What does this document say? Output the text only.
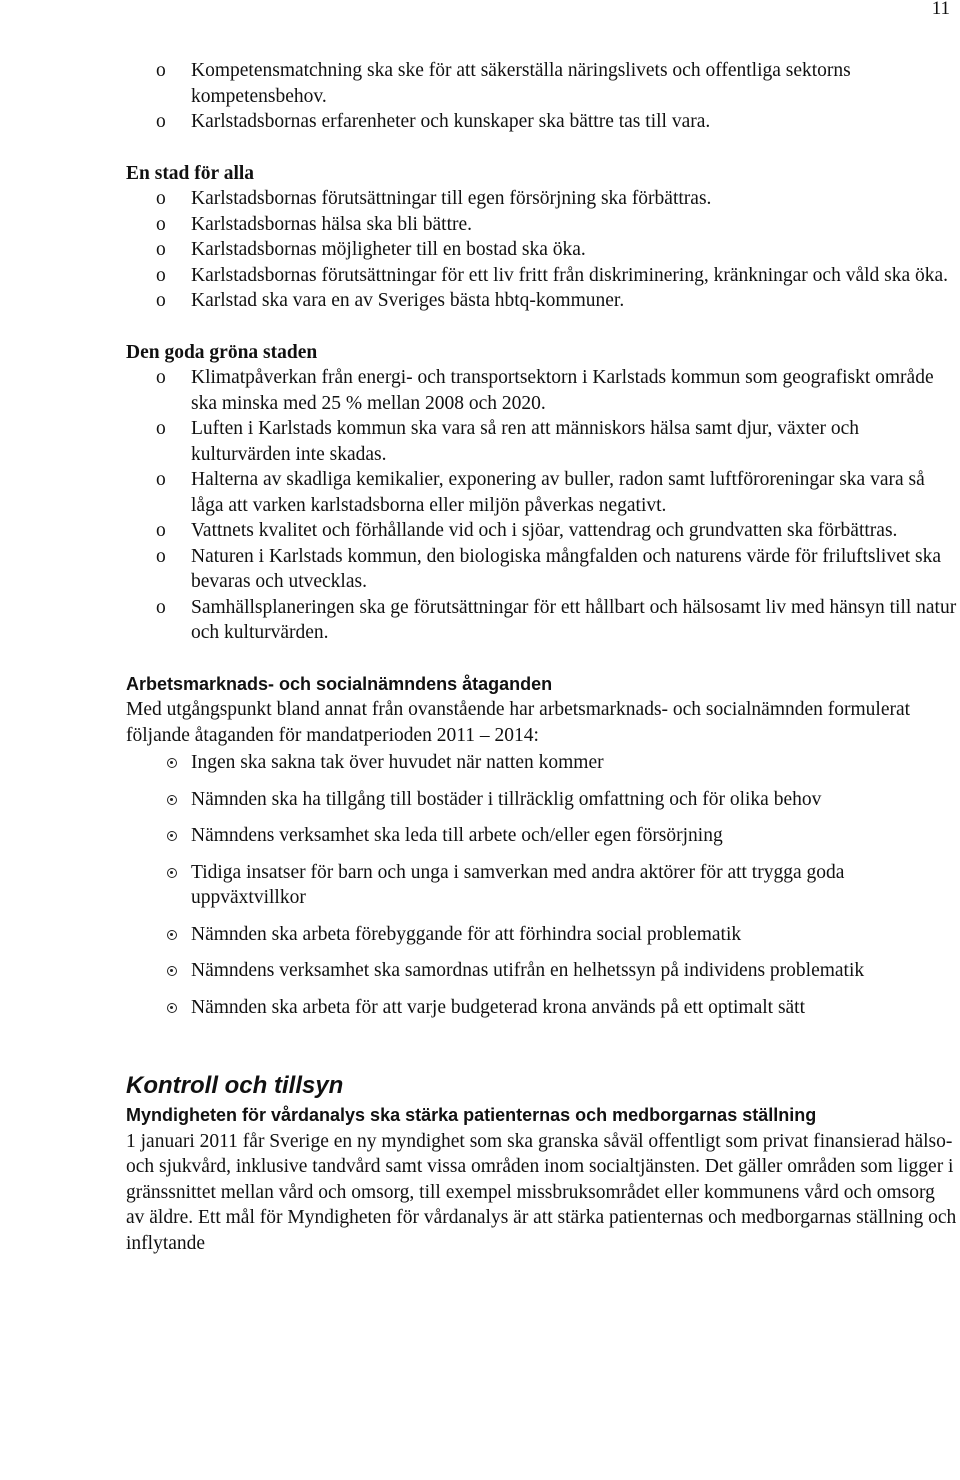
11
o Kompetensmatchning ska ske för att säkerställa näringslivets och offentliga sektorns kompetensbehov.
o Karlstadsbornas erfarenheter och kunskaper ska bättre tas till vara.
En stad för alla
o Karlstadsbornas förutsättningar till egen försörjning ska förbättras.
o Karlstadsbornas hälsa ska bli bättre.
o Karlstadsbornas möjligheter till en bostad ska öka.
o Karlstadsbornas förutsättningar för ett liv fritt från diskriminering, kränkningar och våld ska öka.
o Karlstad ska vara en av Sveriges bästa hbtq-kommuner.
Den goda gröna staden
o Klimatpåverkan från energi- och transportsektorn i Karlstads kommun som geografiskt område ska minska med 25 % mellan 2008 och 2020.
o Luften i Karlstads kommun ska vara så ren att människors hälsa samt djur, växter och kulturvärden inte skadas.
o Halterna av skadliga kemikalier, exponering av buller, radon samt luftföroreningar ska vara så låga att varken karlstadsborna eller miljön påverkas negativt.
o Vattnets kvalitet och förhållande vid och i sjöar, vattendrag och grundvatten ska förbättras.
o Naturen i Karlstads kommun, den biologiska mångfalden och naturens värde för friluftslivet ska bevaras och utvecklas.
o Samhällsplaneringen ska ge förutsättningar för ett hållbart och hälsosamt liv med hänsyn till natur och kulturvärden.
Arbetsmarknads- och socialnämndens åtaganden

Med utgångspunkt bland annat från ovanstående har arbetsmarknads- och socialnämnden formulerat följande åtaganden för mandatperioden 2011 – 2014:

Ingen ska sakna tak över huvudet när natten kommer
Nämnden ska ha tillgång till bostäder i tillräcklig omfattning och för olika behov
Nämndens verksamhet ska leda till arbete och/eller egen försörjning
Tidiga insatser för barn och unga i samverkan med andra aktörer för att trygga goda uppväxtvillkor
Nämnden ska arbeta förebyggande för att förhindra social problematik
Nämndens verksamhet ska samordnas utifrån en helhetssyn på individens problematik
Nämnden ska arbeta för att varje budgeterad krona används på ett optimalt sätt
Kontroll och tillsyn
Myndigheten för vårdanalys ska stärka patienternas och medborgarnas ställning

1 januari 2011 får Sverige en ny myndighet som ska granska såväl offentligt som privat finansierad hälso- och sjukvård, inklusive tandvård samt vissa områden inom socialtjänsten. Det gäller områden som ligger i gränssnittet mellan vård och omsorg, till exempel missbruksområdet eller kommunens vård och omsorg av äldre. Ett mål för Myndigheten för vårdanalys är att stärka patienternas och medborgarnas ställning och inflytande
